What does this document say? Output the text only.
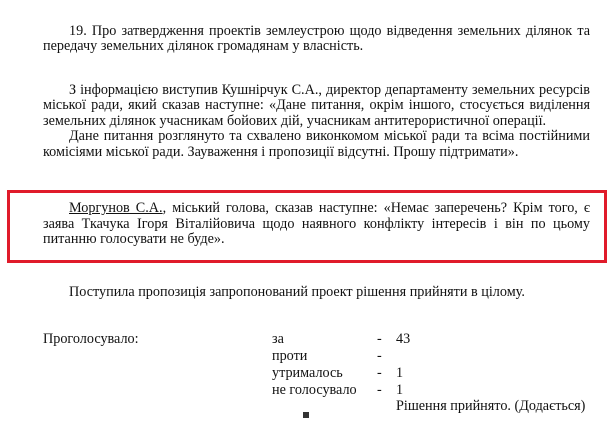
19. Про затвердження проектів землеустрою щодо відведення земельних ділянок та
передачу земельних ділянок громадянам у власність.
З інформацією виступив Кушнірчук С.А., директор департаменту земельних ресурсів
міської ради, який сказав наступне: «Дане питання, окрім іншого, стосується виділення
земельних ділянок учасникам бойових дій, учасникам антитерористичної операції.
Дане питання розглянуто та схвалено виконкомом міської ради та всіма постійними
комісіями міської ради. Зауваження і пропозиції відсутні. Прошу підтримати».
Моргунов С.А., міський голова, сказав наступне: «Немає заперечень? Крім того, є
заява Ткачука Ігоря Віталійовича щодо наявного конфлікту інтересів і він по цьому
питанню голосувати не буде».
Поступила пропозиція запропонований проект рішення прийняти в цілому.
Проголосувало:	за	- 43
проти	-
утрималось - 1
не голосувало - 1
Рішення прийнято. (Додається)
